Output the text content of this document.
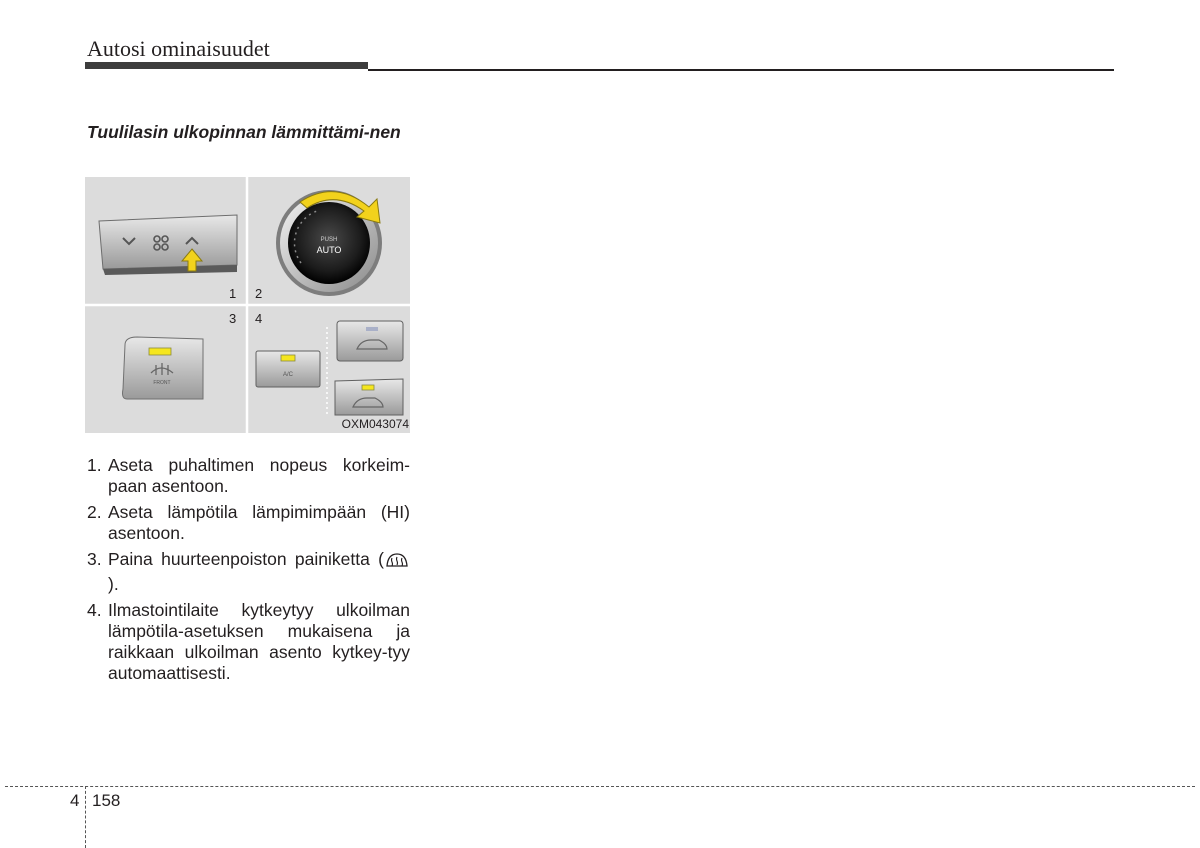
Autosi ominaisuudet
Tuulilasin ulkopinnan lämmittämi-nen
1 2
PUSH
AUTO
3 4
FRONT
A/C
OXM043074
1. Aseta puhaltimen nopeus korkeim-paan asentoon.
2. Aseta lämpötila lämpimimpään (HI) asentoon.
3. Paina huurteenpoiston painiketta ().
4. Ilmastointilaite kytkeytyy ulkoilman lämpötila-asetuksen mukaisena ja raikkaan ulkoilman asento kytkey-tyy automaattisesti.
4 158
